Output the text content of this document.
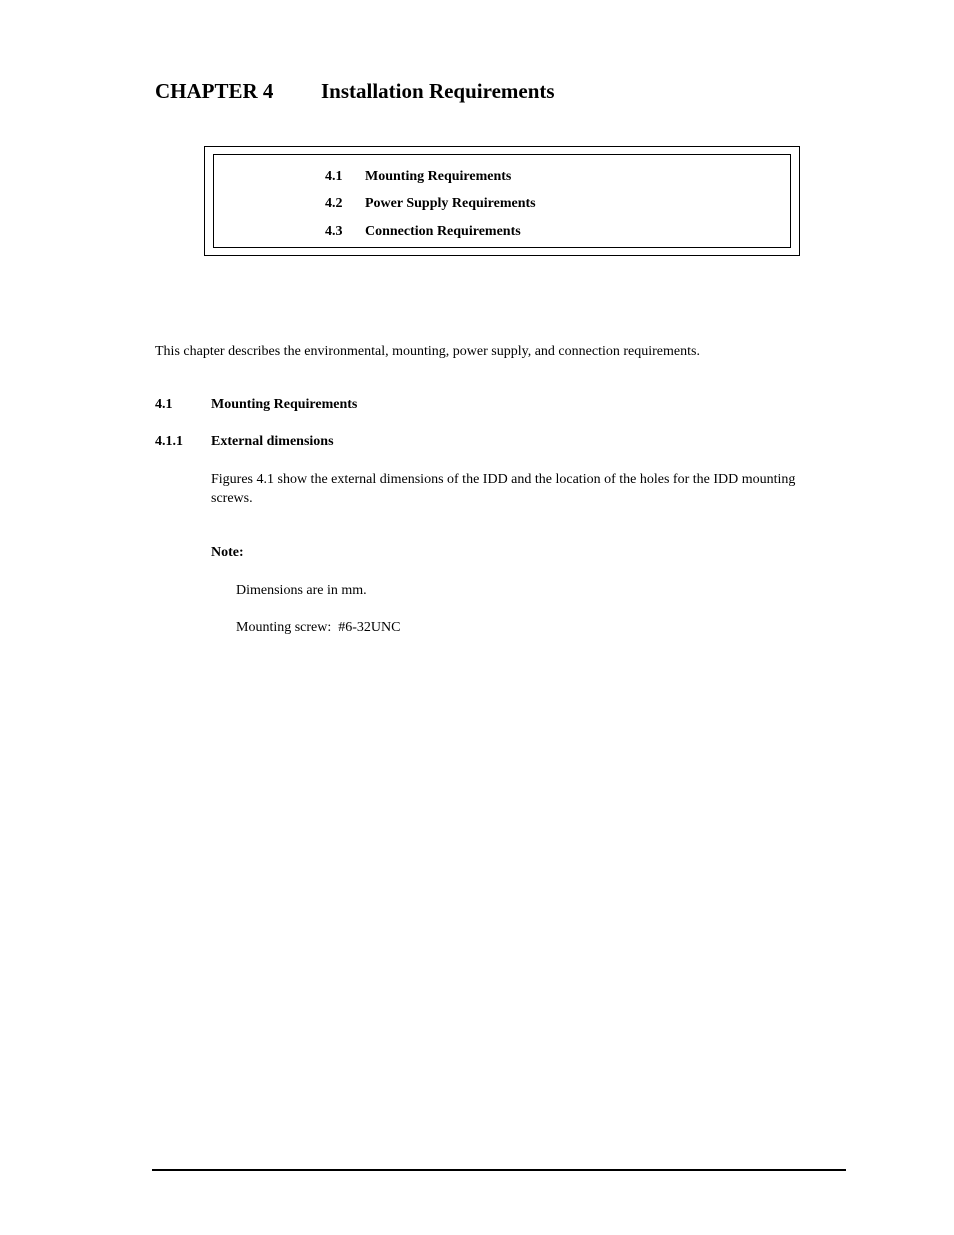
CHAPTER 4 Installation Requirements
4.1 Mounting Requirements
4.2 Power Supply Requirements
4.3 Connection Requirements
This chapter describes the environmental, mounting, power supply, and connection requirements.
4.1	Mounting Requirements
4.1.1 External dimensions
Figures 4.1 show the external dimensions of the IDD and the location of the holes for the IDD mounting screws.
Note:
Dimensions are in mm.
Mounting screw:  #6-32UNC
